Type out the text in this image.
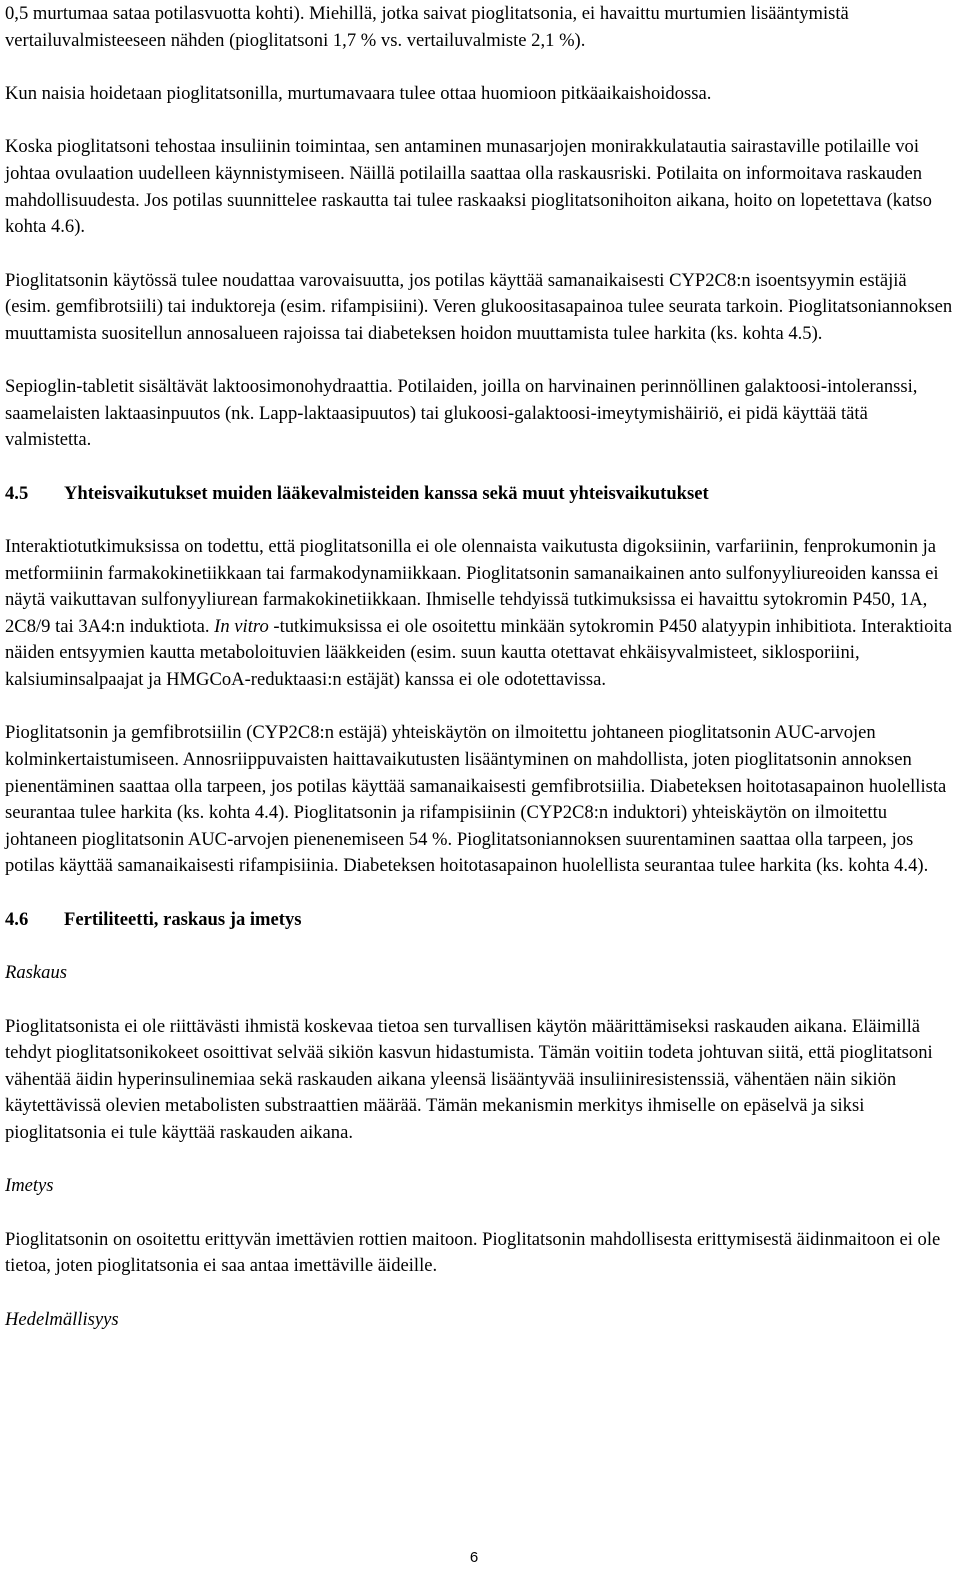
0,5 murtumaa sataa potilasvuotta kohti). Miehillä, jotka saivat pioglitatsonia, ei havaittu murtumien lisääntymistä vertailuvalmisteeseen nähden (pioglitatsoni 1,7 % vs. vertailuvalmiste 2,1 %).

Kun naisia hoidetaan pioglitatsonilla, murtumavaara tulee ottaa huomioon pitkäaikaishoidossa.

Koska pioglitatsoni tehostaa insuliinin toimintaa, sen antaminen munasarjojen monirakkulatautia sairastaville potilaille voi johtaa ovulaation uudelleen käynnistymiseen. Näillä potilailla saattaa olla raskausriski. Potilaita on informoitava raskauden mahdollisuudesta. Jos potilas suunnittelee raskautta tai tulee raskaaksi pioglitatsonihoiton aikana, hoito on lopetettava (katso kohta 4.6).

Pioglitatsonin käytössä tulee noudattaa varovaisuutta, jos potilas käyttää samanaikaisesti CYP2C8:n isoentsyymin estäjiä (esim. gemfibrotsiili) tai induktoreja (esim. rifampisiini). Veren glukoositasapainoa tulee seurata tarkoin. Pioglitatsoniannoksen muuttamista suositellun annosalueen rajoissa tai diabeteksen hoidon muuttamista tulee harkita (ks. kohta 4.5).

Sepioglin-tabletit sisältävät laktoosimonohydraattia. Potilaiden, joilla on harvinainen perinnöllinen galaktoosi-intoleranssi, saamelaisten laktaasinpuutos (nk. Lapp-laktaasipuutos) tai glukoosi-galaktoosi-imeytymishäiriö, ei pidä käyttää tätä valmistetta.

4.5	Yhteisvaikutukset muiden lääkevalmisteiden kanssa sekä muut yhteisvaikutukset

Interaktiotutkimuksissa on todettu, että pioglitatsonilla ei ole olennaista vaikutusta digoksiinin, varfariinin, fenprokumonin ja metformiinin farmakokinetiikkaan tai farmakodynamiikkaan. Pioglitatsonin samanaikainen anto sulfonyyliureoiden kanssa ei näytä vaikuttavan sulfonyyliurean farmakokinetiikkaan. Ihmiselle tehdyissä tutkimuksissa ei havaittu sytokromin P450, 1A, 2C8/9 tai 3A4:n induktiota. In vitro -tutkimuksissa ei ole osoitettu minkään sytokromin P450 alatyypin inhibitiota. Interaktioita näiden entsyymien kautta metaboloituvien lääkkeiden (esim. suun kautta otettavat ehkäisyvalmisteet, siklosporiini, kalsiuminsalpaajat ja HMGCoA-reduktaasi:n estäjät) kanssa ei ole odotettavissa.

Pioglitatsonin ja gemfibrotsiilin (CYP2C8:n estäjä) yhteiskäytön on ilmoitettu johtaneen pioglitatsonin AUC-arvojen kolminkertaistumiseen. Annosriippuvaisten haittavaikutusten lisääntyminen on mahdollista, joten pioglitatsonin annoksen pienentäminen saattaa olla tarpeen, jos potilas käyttää samanaikaisesti gemfibrotsiilia. Diabeteksen hoitotasapainon huolellista seurantaa tulee harkita (ks. kohta 4.4). Pioglitatsonin ja rifampisiinin (CYP2C8:n induktori) yhteiskäytön on ilmoitettu johtaneen pioglitatsonin AUC-arvojen pienenemiseen 54 %. Pioglitatsoniannoksen suurentaminen saattaa olla tarpeen, jos potilas käyttää samanaikaisesti rifampisiinia. Diabeteksen hoitotasapainon huolellista seurantaa tulee harkita (ks. kohta 4.4).

4.6	Fertiliteetti, raskaus ja imetys

Raskaus

Pioglitatsonista ei ole riittävästi ihmistä koskevaa tietoa sen turvallisen käytön määrittämiseksi raskauden aikana. Eläimillä tehdyt pioglitatsonikokeet osoittivat selvää sikiön kasvun hidastumista. Tämän voitiin todeta johtuvan siitä, että pioglitatsoni vähentää äidin hyperinsulinemiaa sekä raskauden aikana yleensä lisääntyvää insuliiniresistenssiä, vähentäen näin sikiön käytettävissä olevien metabolisten substraattien määrää. Tämän mekanismin merkitys ihmiselle on epäselvä ja siksi pioglitatsonia ei tule käyttää raskauden aikana.

Imetys

Pioglitatsonin on osoitettu erittyvän imettävien rottien maitoon. Pioglitatsonin mahdollisesta erittymisestä äidinmaitoon ei ole tietoa, joten pioglitatsonia ei saa antaa imettäville äideille.

Hedelmällisyys

6
